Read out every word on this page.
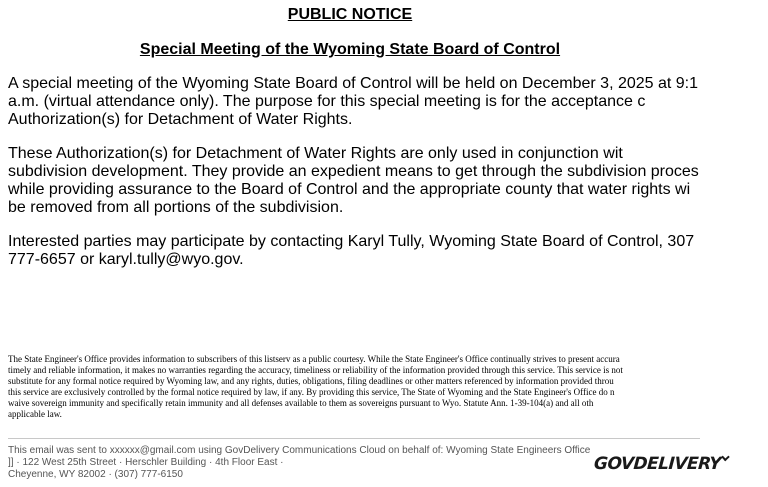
PUBLIC NOTICE
Special Meeting of the Wyoming State Board of Control
A special meeting of the Wyoming State Board of Control will be held on December 3, 2025 at 9:1
a.m. (virtual attendance only). The purpose for this special meeting is for the acceptance c
Authorization(s) for Detachment of Water Rights.
These Authorization(s) for Detachment of Water Rights are only used in conjunction wit
subdivision development. They provide an expedient means to get through the subdivision proces
while providing assurance to the Board of Control and the appropriate county that water rights wi
be removed from all portions of the subdivision.
Interested parties may participate by contacting Karyl Tully, Wyoming State Board of Control, 307
777-6657 or karyl.tully@wyo.gov.
The State Engineer's Office provides information to subscribers of this listserv as a public courtesy. While the State Engineer's Office continually strives to present accura
timely and reliable information, it makes no warranties regarding the accuracy, timeliness or reliability of the information provided through this service. This service is not
substitute for any formal notice required by Wyoming law, and any rights, duties, obligations, filing deadlines or other matters referenced by information provided throu
this service are exclusively controlled by the formal notice required by law, if any. By providing this service, The State of Wyoming and the State Engineer's Office do n
waive sovereign immunity and specifically retain immunity and all defenses available to them as sovereigns pursuant to Wyo. Statute Ann. 1-39-104(a) and all oth
applicable law.
This email was sent to xxxxxx@gmail.com using GovDelivery Communications Cloud on behalf of: Wyoming State Engineers Office
]] · 122 West 25th Street · Herschler Building · 4th Floor East ·
Cheyenne, WY 82002 · (307) 777-6150
GOVDELIVERY
